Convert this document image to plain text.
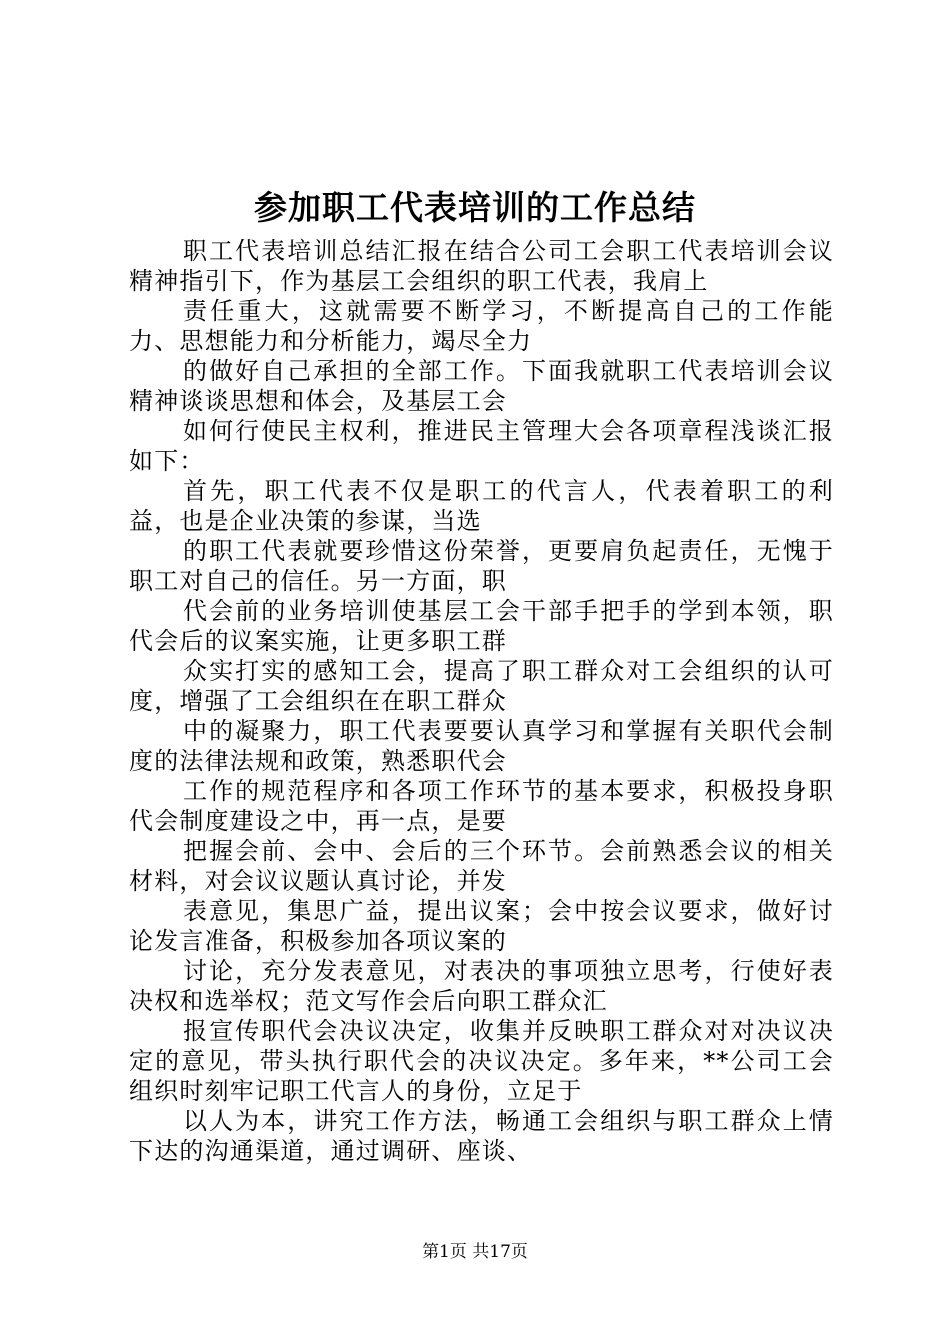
参加职工代表培训的工作总结

职工代表培训总结汇报在结合公司工会职工代表培训会议精神指引下，作为基层工会组织的职工代表，我肩上

责任重大，这就需要不断学习，不断提高自己的工作能力、思想能力和分析能力，竭尽全力

的做好自己承担的全部工作。下面我就职工代表培训会议精神谈谈思想和体会，及基层工会

如何行使民主权利，推进民主管理大会各项章程浅谈汇报如下：

首先，职工代表不仅是职工的代言人，代表着职工的利益，也是企业决策的参谋，当选

的职工代表就要珍惜这份荣誉，更要肩负起责任，无愧于职工对自己的信任。另一方面，职

代会前的业务培训使基层工会干部手把手的学到本领，职代会后的议案实施，让更多职工群

众实打实的感知工会，提高了职工群众对工会组织的认可度，增强了工会组织在在职工群众

中的凝聚力，职工代表要要认真学习和掌握有关职代会制度的法律法规和政策，熟悉职代会

工作的规范程序和各项工作环节的基本要求，积极投身职代会制度建设之中，再一点，是要

把握会前、会中、会后的三个环节。会前熟悉会议的相关材料，对会议议题认真讨论，并发

表意见，集思广益，提出议案；会中按会议要求，做好讨论发言准备，积极参加各项议案的

讨论，充分发表意见，对表决的事项独立思考，行使好表决权和选举权；范文写作会后向职工群众汇

报宣传职代会决议决定，收集并反映职工群众对对决议决定的意见，带头执行职代会的决议决定。多年来，**公司工会组织时刻牢记职工代言人的身份，立足于

以人为本，讲究工作方法，畅通工会组织与职工群众上情下达的沟通渠道，通过调研、座谈、

第1页 共17页
